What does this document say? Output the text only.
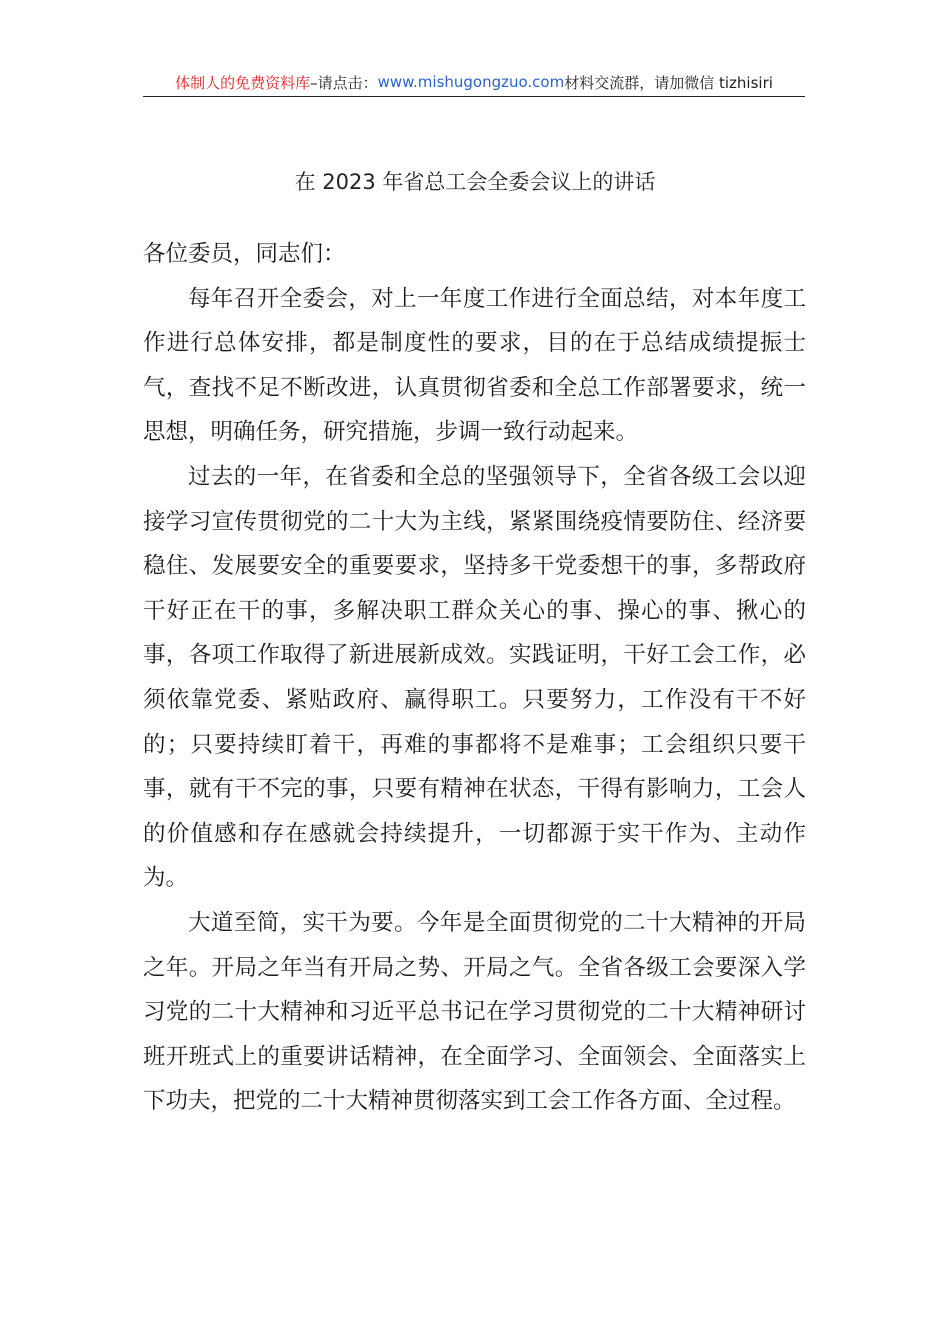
体制人的免费资料库 –请点击： www.mishugongzuo.com 材料交流群，请加微信 tizhisiri
在 2023 年省总工会全委会议上的讲话

各位委员，同志们：

每年召开全委会，对上一年度工作进行全面总结，对本年度工作进行总体安排，都是制度性的要求，目的在于总结成绩提振士气，查找不足不断改进，认真贯彻省委和全总工作部署要求，统一思想，明确任务，研究措施，步调一致行动起来。

过去的一年，在省委和全总的坚强领导下，全省各级工会以迎接学习宣传贯彻党的二十大为主线，紧紧围绕疫情要防住、经济要稳住、发展要安全的重要要求，坚持多干党委想干的事，多帮政府干好正在干的事，多解决职工群众关心的事、操心的事、揪心的事，各项工作取得了新进展新成效。实践证明，干好工会工作，必须依靠党委、紧贴政府、赢得职工。只要努力，工作没有干不好的；只要持续盯着干，再难的事都将不是难事；工会组织只要干事，就有干不完的事，只要有精神在状态，干得有影响力，工会人的价值感和存在感就会持续提升，一切都源于实干作为、主动作为。

大道至简，实干为要。今年是全面贯彻党的二十大精神的开局之年。开局之年当有开局之势、开局之气。全省各级工会要深入学习党的二十大精神和习近平总书记在学习贯彻党的二十大精神研讨班开班式上的重要讲话精神，在全面学习、全面领会、全面落实上下功夫，把党的二十大精神贯彻落实到工会工作各方面、全过程。
